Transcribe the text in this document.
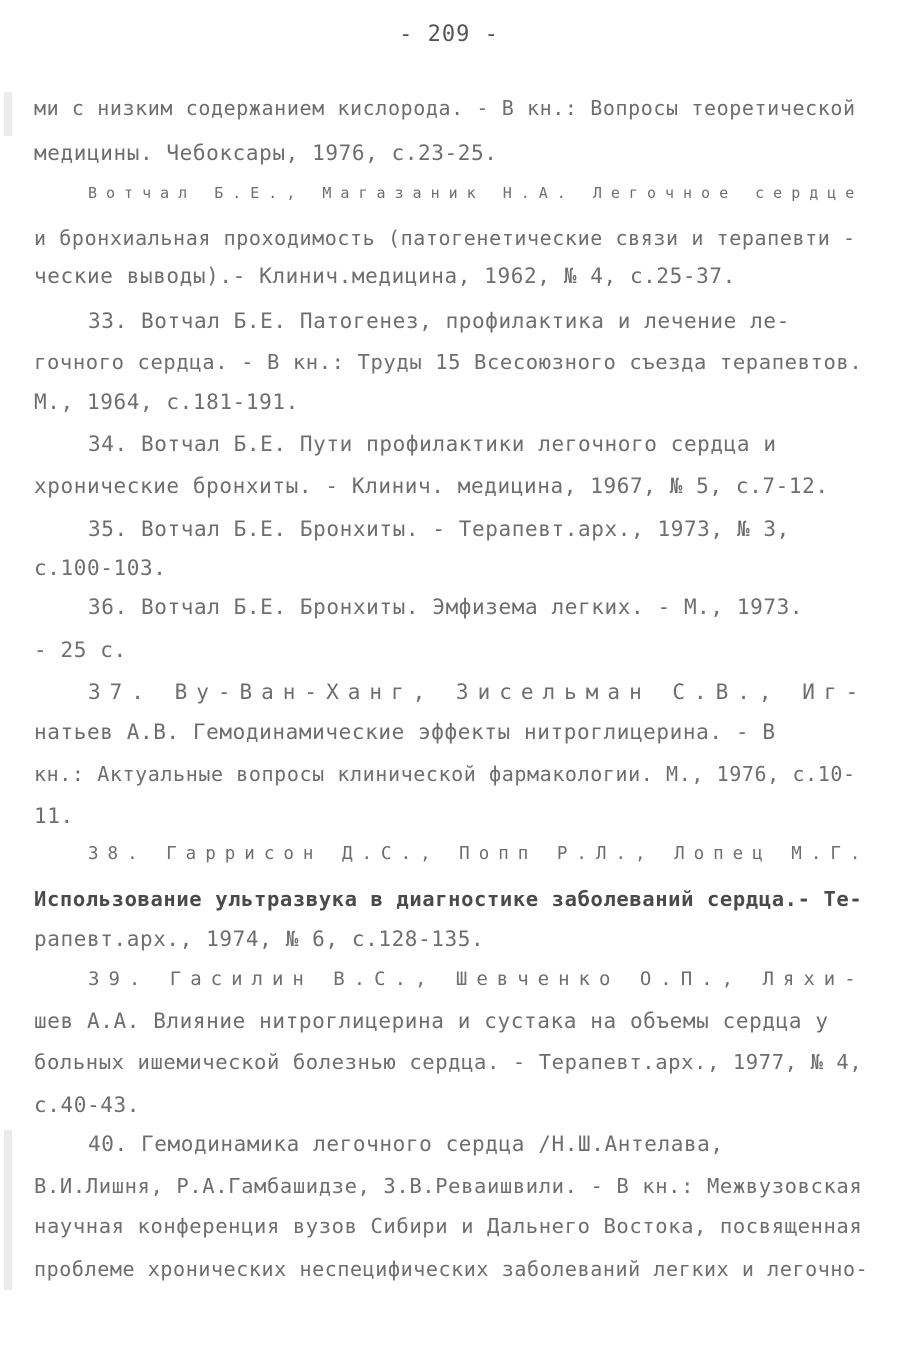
- 209 -
ми с низким содержанием кислорода. - В кн.: Вопросы теоретической
медицины. Чебоксары, 1976, с.23-25.
Вотчал Б.Е., Магазаник Н.А. Легочное сердце
и бронхиальная проходимость (патогенетические связи и терапевти -
ческие выводы).- Клинич.медицина, 1962, № 4, с.25-37.
33. Вотчал Б.Е. Патогенез, профилактика и лечение ле-
гочного сердца. - В кн.: Труды 15 Всесоюзного съезда терапевтов.
М., 1964, с.181-191.
34. Вотчал Б.Е. Пути профилактики легочного сердца и
хронические бронхиты. - Клинич. медицина, 1967, № 5, с.7-12.
35. Вотчал Б.Е. Бронхиты. - Терапевт.арх., 1973, № 3,
с.100-103.
36. Вотчал Б.Е. Бронхиты. Эмфизема легких. - М., 1973.
- 25 с.
37. Ву-Ван-Ханг, Зисельман С.В., Иг-
натьев А.В. Гемодинамические эффекты нитроглицерина. - В
кн.: Актуальные вопросы клинической фармакологии. М., 1976, с.10-
11.
38. Гаррисон Д.С., Попп Р.Л., Лопец М.Г.
Использование ультразвука в диагностике заболеваний сердца.- Те-
рапевт.арх., 1974, № 6, с.128-135.
39. Гасилин В.С., Шевченко О.П., Ляхи-
шев А.А. Влияние нитроглицерина и сустака на объемы сердца у
больных ишемической болезнью сердца. - Терапевт.арх., 1977, № 4,
с.40-43.
40. Гемодинамика легочного сердца /Н.Ш.Антелава,
В.И.Лишня, Р.А.Гамбашидзе, З.В.Реваишвили. - В кн.: Межвузовская
научная конференция вузов Сибири и Дальнего Востока, посвященная
проблеме хронических неспецифических заболеваний легких и легочно-
